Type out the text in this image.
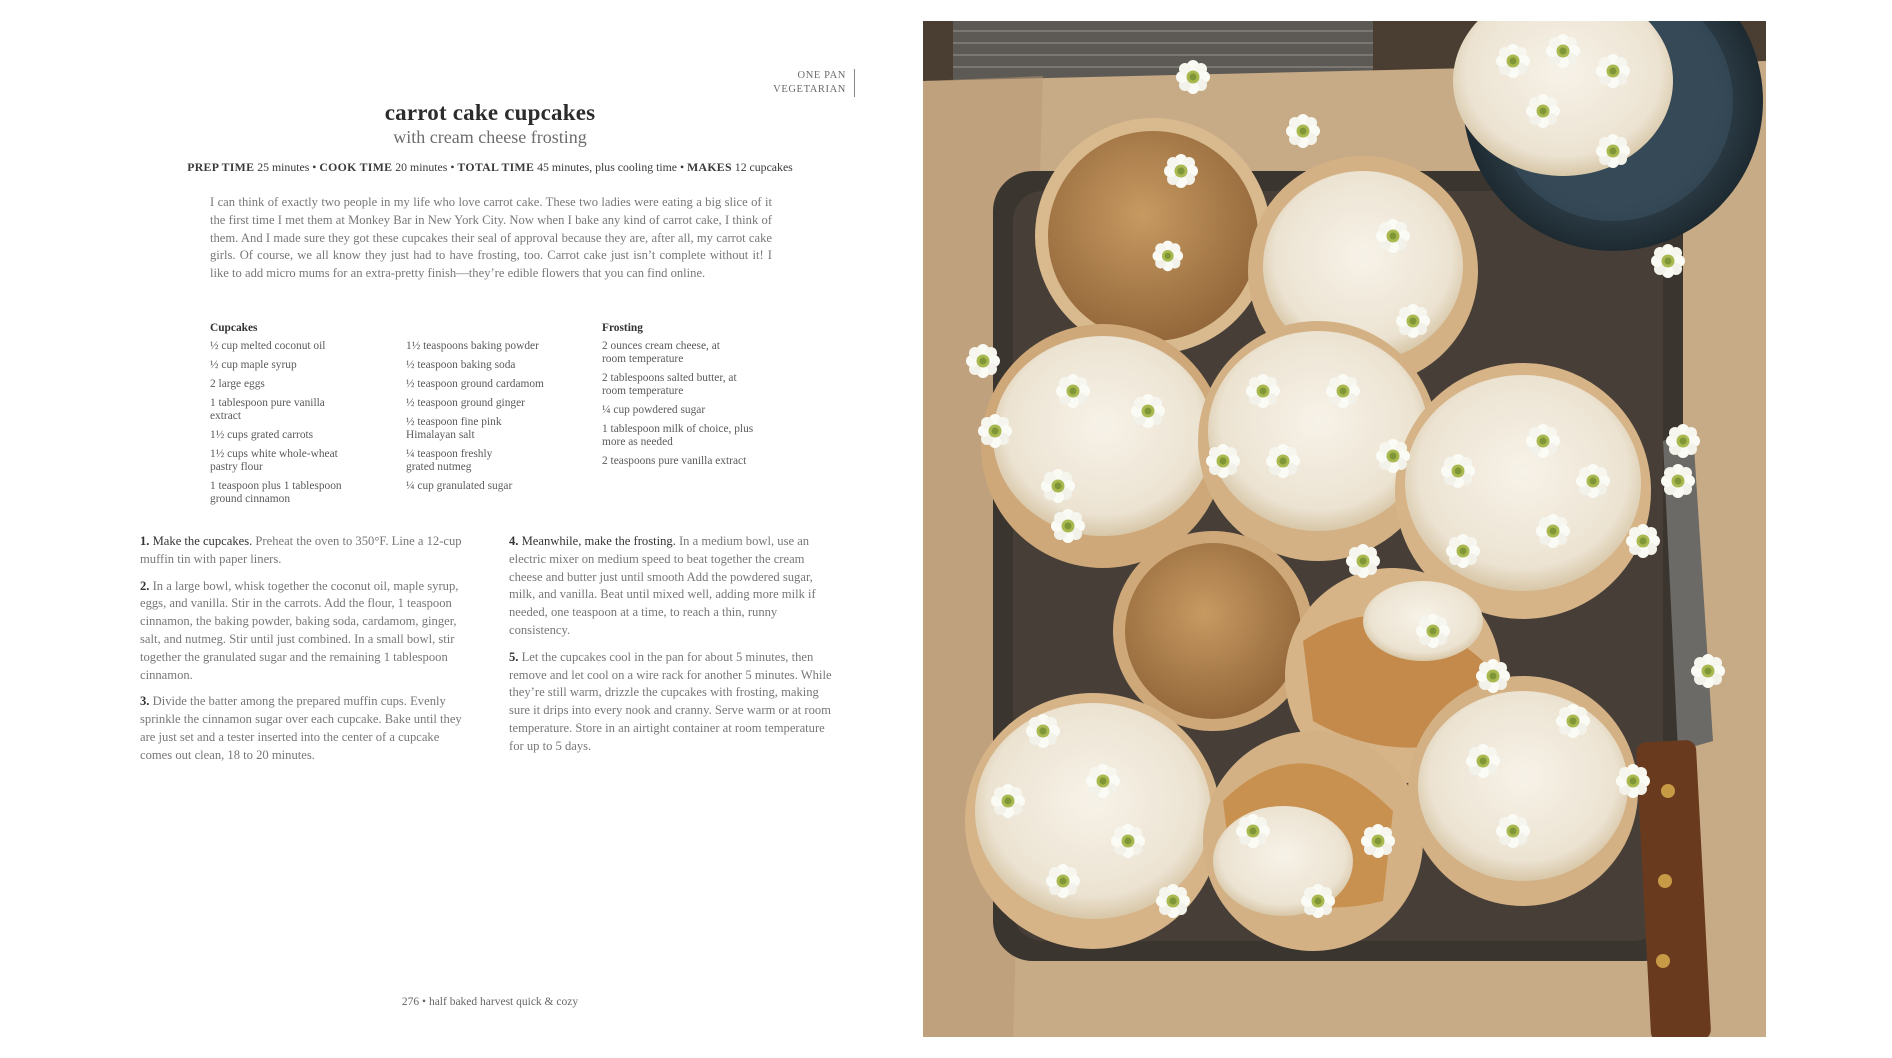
ONE PAN
VEGETARIAN
carrot cake cupcakes
with cream cheese frosting
PREP TIME 25 minutes • COOK TIME 20 minutes • TOTAL TIME 45 minutes, plus cooling time • MAKES 12 cupcakes
I can think of exactly two people in my life who love carrot cake. These two ladies were eating a big slice of it the first time I met them at Monkey Bar in New York City. Now when I bake any kind of carrot cake, I think of them. And I made sure they got these cupcakes their seal of approval because they are, after all, my carrot cake girls. Of course, we all know they just had to have frosting, too. Carrot cake just isn’t complete without it! I like to add micro mums for an extra-pretty finish—they’re edible flowers that you can find online.
Cupcakes
½ cup melted coconut oil
½ cup maple syrup
2 large eggs
1 tablespoon pure vanilla extract
1½ cups grated carrots
1½ cups white whole-wheat pastry flour
1 teaspoon plus 1 tablespoon ground cinnamon
1½ teaspoons baking powder
½ teaspoon baking soda
½ teaspoon ground cardamom
½ teaspoon ground ginger
½ teaspoon fine pink Himalayan salt
¼ teaspoon freshly grated nutmeg
¼ cup granulated sugar
Frosting
2 ounces cream cheese, at room temperature
2 tablespoons salted butter, at room temperature
¼ cup powdered sugar
1 tablespoon milk of choice, plus more as needed
2 teaspoons pure vanilla extract
1. Make the cupcakes. Preheat the oven to 350°F. Line a 12-cup muffin tin with paper liners.
2. In a large bowl, whisk together the coconut oil, maple syrup, eggs, and vanilla. Stir in the carrots. Add the flour, 1 teaspoon cinnamon, the baking powder, baking soda, cardamom, ginger, salt, and nutmeg. Stir until just combined. In a small bowl, stir together the granulated sugar and the remaining 1 tablespoon cinnamon.
3. Divide the batter among the prepared muffin cups. Evenly sprinkle the cinnamon sugar over each cupcake. Bake until they are just set and a tester inserted into the center of a cupcake comes out clean, 18 to 20 minutes.
4. Meanwhile, make the frosting. In a medium bowl, use an electric mixer on medium speed to beat together the cream cheese and butter just until smooth Add the powdered sugar, milk, and vanilla. Beat until mixed well, adding more milk if needed, one teaspoon at a time, to reach a thin, runny consistency.
5. Let the cupcakes cool in the pan for about 5 minutes, then remove and let cool on a wire rack for another 5 minutes. While they’re still warm, drizzle the cupcakes with frosting, making sure it drips into every nook and cranny. Serve warm or at room temperature. Store in an airtight container at room temperature for up to 5 days.
276 • half baked harvest quick & cozy
